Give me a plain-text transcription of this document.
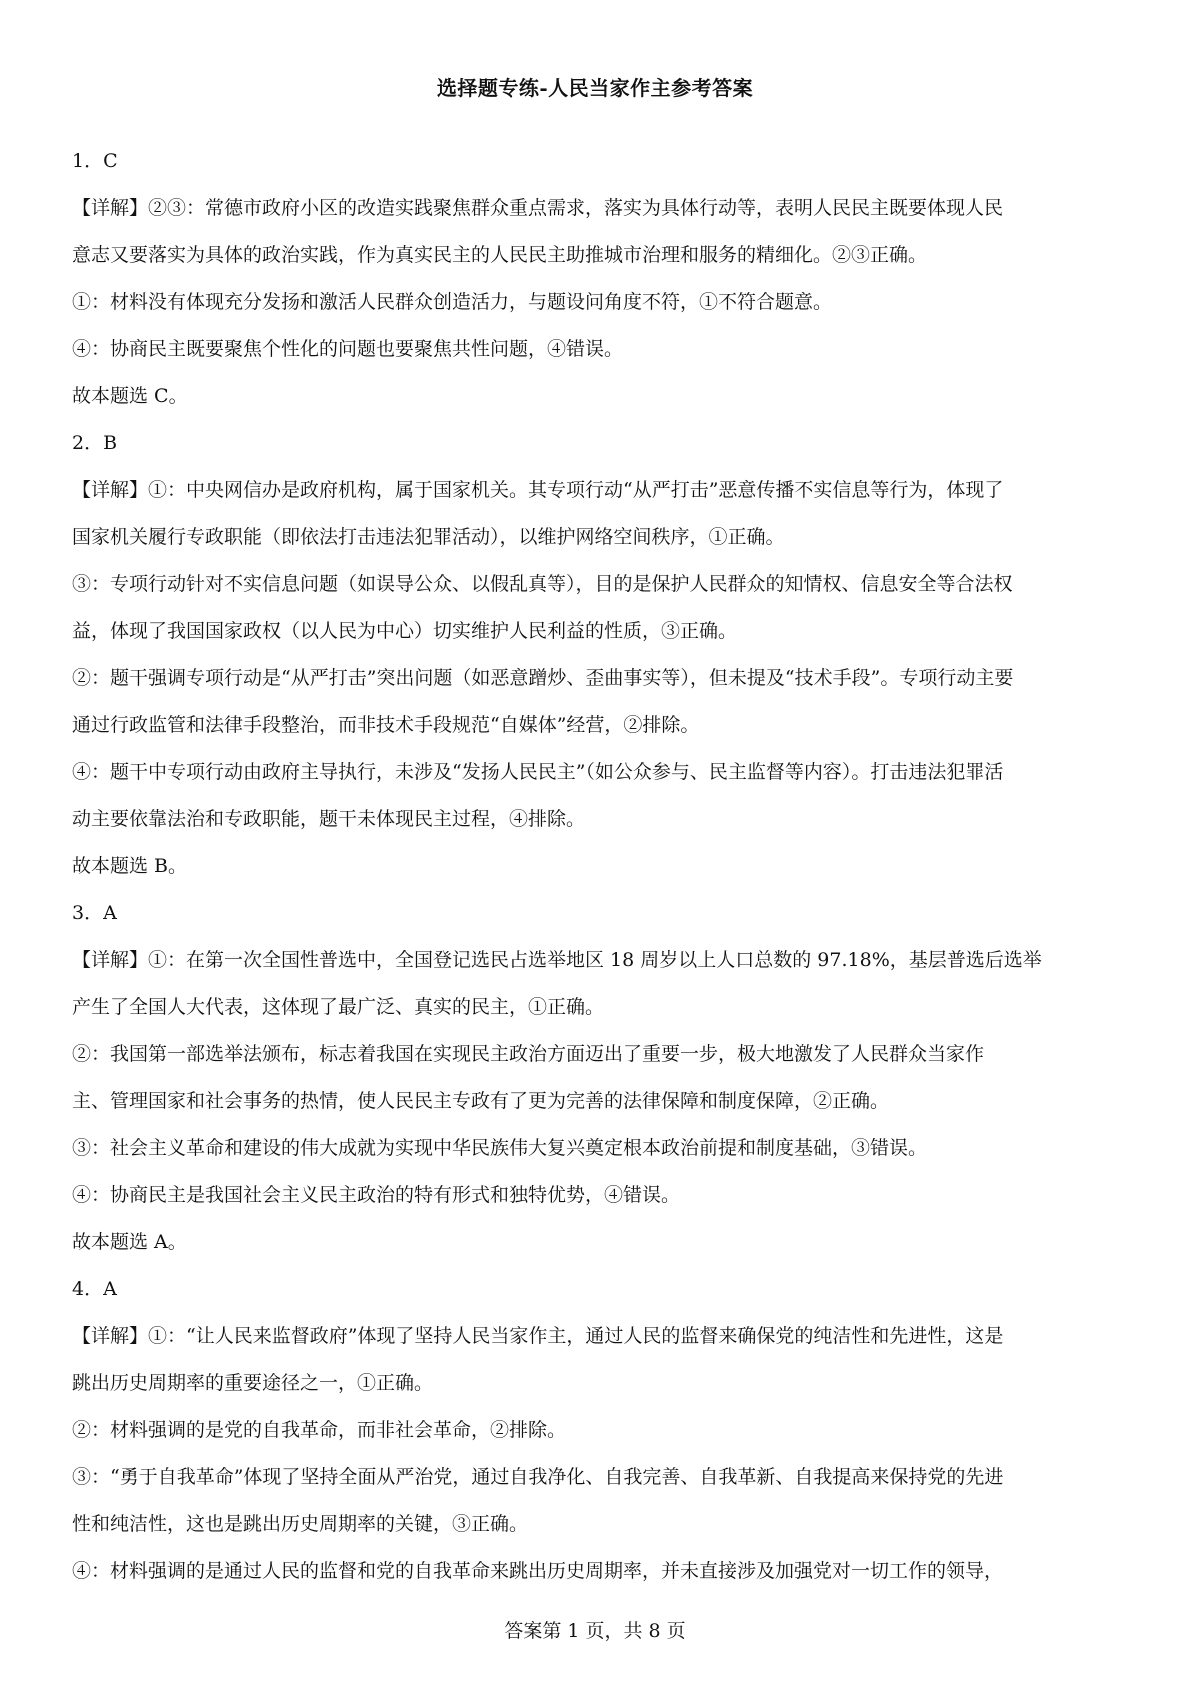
选择题专练-人民当家作主参考答案

1．C

【详解】②③：常德市政府小区的改造实践聚焦群众重点需求，落实为具体行动等，表明人民民主既要体现人民

意志又要落实为具体的政治实践，作为真实民主的人民民主助推城市治理和服务的精细化。②③正确。

①：材料没有体现充分发扬和激活人民群众创造活力，与题设问角度不符，①不符合题意。

④：协商民主既要聚焦个性化的问题也要聚焦共性问题，④错误。

故本题选 C。

2．B

【详解】①：中央网信办是政府机构，属于国家机关。其专项行动“从严打击”恶意传播不实信息等行为，体现了

国家机关履行专政职能（即依法打击违法犯罪活动），以维护网络空间秩序，①正确。

③：专项行动针对不实信息问题（如误导公众、以假乱真等），目的是保护人民群众的知情权、信息安全等合法权

益，体现了我国国家政权（以人民为中心）切实维护人民利益的性质，③正确。

②：题干强调专项行动是“从严打击”突出问题（如恶意蹭炒、歪曲事实等），但未提及“技术手段”。专项行动主要

通过行政监管和法律手段整治，而非技术手段规范“自媒体”经营，②排除。

④：题干中专项行动由政府主导执行，未涉及“发扬人民民主”（如公众参与、民主监督等内容）。打击违法犯罪活

动主要依靠法治和专政职能，题干未体现民主过程，④排除。

故本题选 B。

3．A

【详解】①：在第一次全国性普选中，全国登记选民占选举地区 18 周岁以上人口总数的 97.18%，基层普选后选举

产生了全国人大代表，这体现了最广泛、真实的民主，①正确。

②：我国第一部选举法颁布，标志着我国在实现民主政治方面迈出了重要一步，极大地激发了人民群众当家作

主、管理国家和社会事务的热情，使人民民主专政有了更为完善的法律保障和制度保障，②正确。

③：社会主义革命和建设的伟大成就为实现中华民族伟大复兴奠定根本政治前提和制度基础，③错误。

④：协商民主是我国社会主义民主政治的特有形式和独特优势，④错误。

故本题选 A。

4．A

【详解】①：“让人民来监督政府”体现了坚持人民当家作主，通过人民的监督来确保党的纯洁性和先进性，这是

跳出历史周期率的重要途径之一，①正确。

②：材料强调的是党的自我革命，而非社会革命，②排除。

③：“勇于自我革命”体现了坚持全面从严治党，通过自我净化、自我完善、自我革新、自我提高来保持党的先进

性和纯洁性，这也是跳出历史周期率的关键，③正确。

④：材料强调的是通过人民的监督和党的自我革命来跳出历史周期率，并未直接涉及加强党对一切工作的领导，

答案第 1 页，共 8 页
